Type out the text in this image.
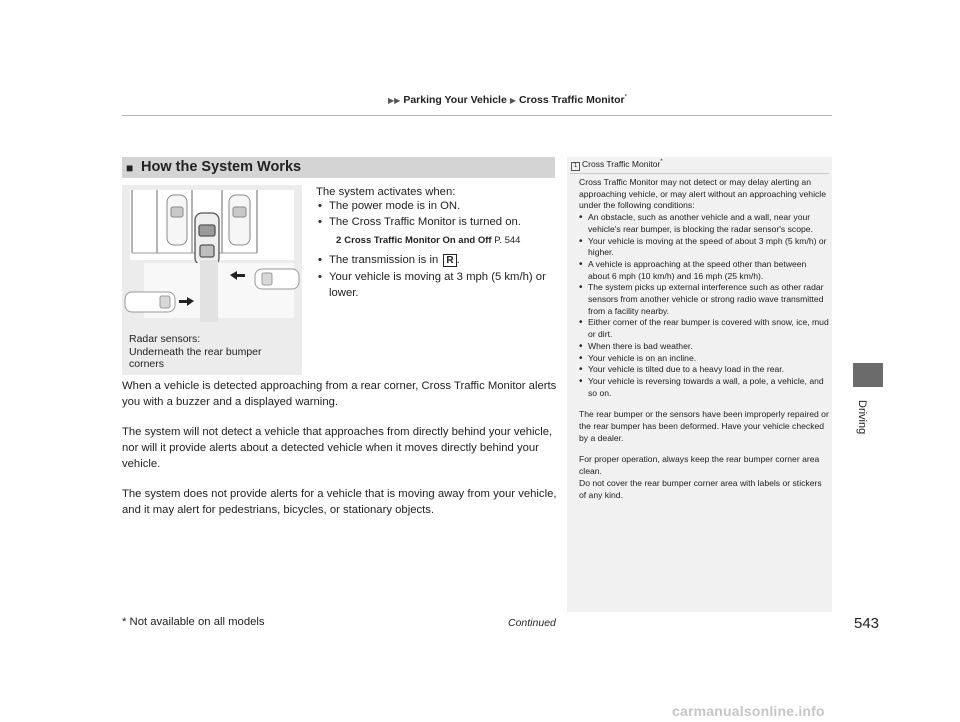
▶▶ Parking Your Vehicle ▶ Cross Traffic Monitor*
Driving
■ How the System Works
Radar sensors:
Underneath the rear bumper
corners
The system activates when:
• The power mode is in ON.
• The Cross Traffic Monitor is turned on.
2 Cross Traffic Monitor On and Off P. 544
• The transmission is in R .
• Your vehicle is moving at 3 mph (5 km/h) or
lower.
When a vehicle is detected approaching from a rear corner, Cross Traffic Monitor alerts you with a buzzer and a displayed warning.
The system will not detect a vehicle that approaches from directly behind your vehicle, nor will it provide alerts about a detected vehicle when it moves directly behind your vehicle.
The system does not provide alerts for a vehicle that is moving away from your vehicle, and it may alert for pedestrians, bicycles, or stationary objects.
1 Cross Traffic Monitor*

Cross Traffic Monitor may not detect or may delay alerting an approaching vehicle, or may alert without an approaching vehicle under the following conditions:

• An obstacle, such as another vehicle and a wall, near your vehicle's rear bumper, is blocking the radar sensor's scope.

• Your vehicle is moving at the speed of about 3 mph (5 km/h) or higher.

• A vehicle is approaching at the speed other than between about 6 mph (10 km/h) and 16 mph (25 km/h).

• The system picks up external interference such as other radar sensors from another vehicle or strong radio wave transmitted from a facility nearby.

• Either corner of the rear bumper is covered with snow, ice, mud or dirt.

• When there is bad weather.

• Your vehicle is on an incline.

• Your vehicle is tilted due to a heavy load in the rear.

• Your vehicle is reversing towards a wall, a pole, a vehicle, and so on.

The rear bumper or the sensors have been improperly repaired or the rear bumper has been deformed. Have your vehicle checked by a dealer.

For proper operation, always keep the rear bumper corner area clean.

Do not cover the rear bumper corner area with labels or stickers of any kind.

Continued	543
* Not available on all models
carmanualsonline.info
